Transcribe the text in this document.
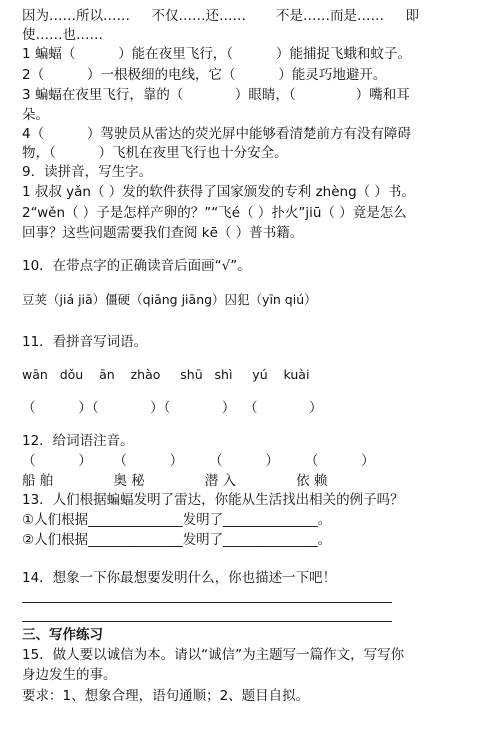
因为……所以……     不仅……还……       不是……而是……     即
使……也……
1 蝙蝠（          ）能在夜里飞行，（          ）能捕捉飞蛾和蚊子。
2（          ）一根极细的电线，它（          ）能灵巧地避开。
3 蝙蝠在夜里飞行，靠的（            ）眼睛，（              ）嘴和耳
朵。
4（          ）驾驶员从雷达的荧光屏中能够看清楚前方有没有障碍
物，（          ）飞机在夜里飞行也十分安全。
9．读拼音，写生字。
1 叔叔 yǎn（ ）发的软件获得了国家颁发的专利 zhèng（ ）书。
2“wěn（ ）子是怎样产卵的？”“飞é（ ）扑火”jiū（ ）竟是怎么
回事？这些问题需要我们查阅 kē（ ）普书籍。
10．在带点字的正确读音后面画“√”。
豆荚（jiá jiā）僵硬（qiāng jiāng）囚犯（yīn qiú）
11．看拼音写词语。
wān   dǒu    ān    zhào     shū   shì     yú    kuài
（          ）（            ）（            ）  （            ）
12．给词语注音。
（          ）     （          ）      （          ）      （          ）
船 舶              奥 秘              潜 入              依 赖
13．人们根据蝙蝠发明了雷达，你能从生活找出相关的例子吗？
①人们根据______________发明了______________。
②人们根据______________发明了______________。
14．想象一下你最想要发明什么，你也描述一下吧！
三、写作练习
15．做人要以诚信为本。请以“诚信”为主题写一篇作文，写写你
身边发生的事。
要求：1、想象合理，语句通顺；2、题目自拟。
